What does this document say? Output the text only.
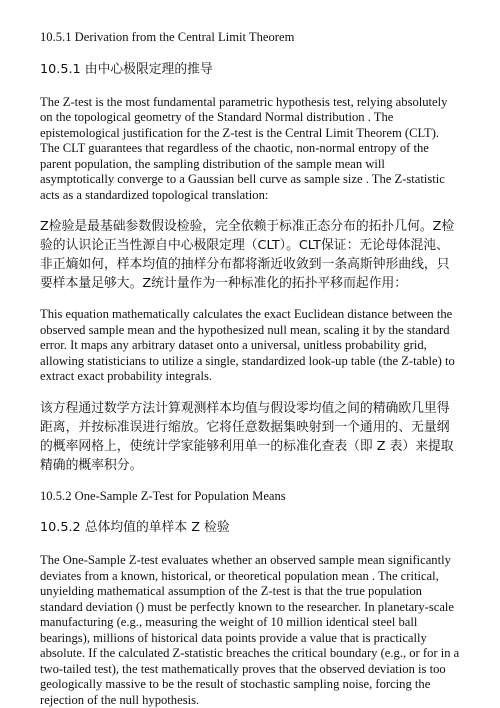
10.5.1 Derivation from the Central Limit Theorem

10.5.1 由中心极限定理的推导

The Z-test is the most fundamental parametric hypothesis test, relying absolutely on the topological geometry of the Standard Normal distribution . The epistemological justification for the Z-test is the Central Limit Theorem (CLT). The CLT guarantees that regardless of the chaotic, non-normal entropy of the parent population, the sampling distribution of the sample mean will asymptotically converge to a Gaussian bell curve as sample size . The Z-statistic acts as a standardized topological translation:

Z检验是最基础参数假设检验，完全依赖于标准正态分布的拓扑几何。Z检验的认识论正当性源自中心极限定理（CLT）。CLT保证：无论母体混沌、非正熵如何，样本均值的抽样分布都将渐近收敛到一条高斯钟形曲线，只要样本量足够大。Z统计量作为一种标准化的拓扑平移而起作用：

This equation mathematically calculates the exact Euclidean distance between the observed sample mean and the hypothesized null mean, scaling it by the standard error. It maps any arbitrary dataset onto a universal, unitless probability grid, allowing statisticians to utilize a single, standardized look-up table (the Z-table) to extract exact probability integrals.

该方程通过数学方法计算观测样本均值与假设零均值之间的精确欧几里得距离，并按标准误进行缩放。它将任意数据集映射到一个通用的、无量纲的概率网格上，使统计学家能够利用单一的标准化查表（即 Z 表）来提取精确的概率积分。

10.5.2 One-Sample Z-Test for Population Means

10.5.2 总体均值的单样本 Z 检验

The One-Sample Z-test evaluates whether an observed sample mean significantly deviates from a known, historical, or theoretical population mean . The critical, unyielding mathematical assumption of the Z-test is that the true population standard deviation () must be perfectly known to the researcher. In planetary-scale manufacturing (e.g., measuring the weight of 10 million identical steel ball bearings), millions of historical data points provide a value that is practically absolute. If the calculated Z-statistic breaches the critical boundary (e.g., or for in a two-tailed test), the test mathematically proves that the observed deviation is too geologically massive to be the result of stochastic sampling noise, forcing the rejection of the null hypothesis.
